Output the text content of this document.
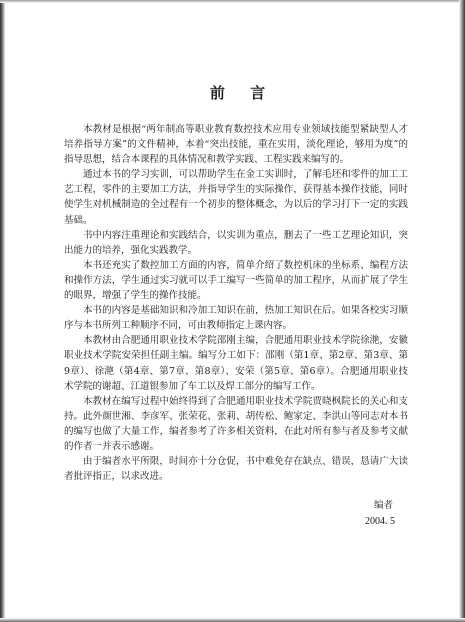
前 言

本教材是根据“两年制高等职业教育数控技术应用专业领域技能型紧缺型人才培养指导方案”的文件精神，本着“突出技能，重在实用，淡化理论，够用为度”的指导思想，结合本课程的具体情况和教学实践、工程实践来编写的。

通过本书的学习实训，可以帮助学生在金工实训时，了解毛坯和零件的加工工艺工程，零件的主要加工方法，并指导学生的实际操作，获得基本操作技能，同时使学生对机械制造的全过程有一个初步的整体概念，为以后的学习打下一定的实践基础。

书中内容注重理论和实践结合，以实训为重点，删去了一些工艺理论知识，突出能力的培养，强化实践教学。

本书还充实了数控加工方面的内容，简单介绍了数控机床的坐标系、编程方法和操作方法，学生通过实习就可以手工编写一些简单的加工程序，从而扩展了学生的眼界，增强了学生的操作技能。

本书的内容是基础知识和冷加工知识在前，热加工知识在后。如果各校实习顺序与本书所列工种顺序不同，可由教师指定上课内容。

本教材由合肥通用职业技术学院邵刚主编，合肥通用职业技术学院徐滟，安徽职业技术学院安荣担任副主编。编写分工如下：邵刚（第1章、第2章、第3章、第9章）、徐滟（第4章、第7章、第8章）、安荣（第5章、第6章）。合肥通用职业技术学院的谢超、江道银参加了车工以及焊工部分的编写工作。

本教材在编写过程中始终得到了合肥通用职业技术学院贾晓枫院长的关心和支持。此外颜世湘、李彦军、张荣花、张莉、胡传松、鲍家定、李洪山等同志对本书的编写也做了大量工作，编者参考了许多相关资料，在此对所有参与者及参考文献的作者一并表示感谢。

由于编者水平所限，时间亦十分仓促，书中难免存在缺点、错误，恳请广大读者批评指正，以求改进。

编者
2004. 5
